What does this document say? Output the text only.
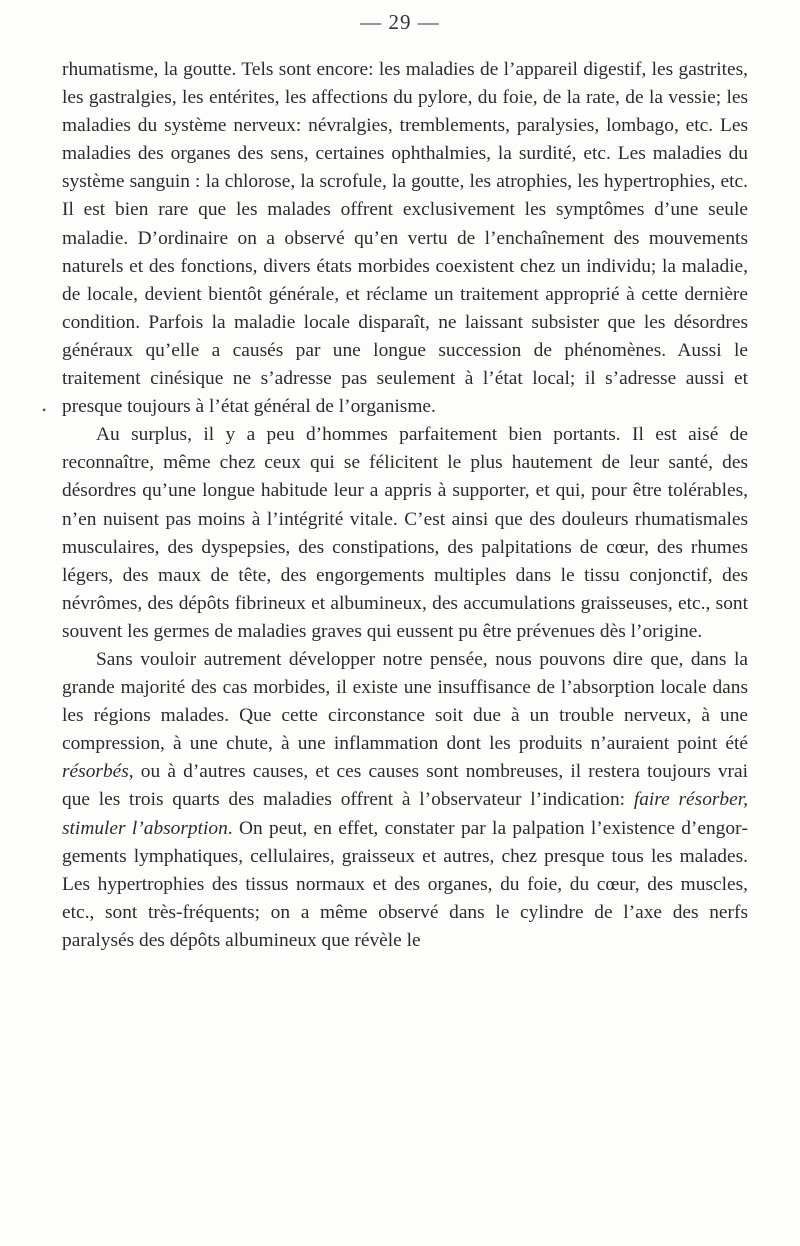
— 29 —
•

rhumatisme, la goutte. Tels sont encore: les maladies de l’appareil digestif, les gastrites, les gastralgies, les entérites, les affections du pylore, du foie, de la rate, de la vessie; les maladies du système nerveux: névralgies, tremblements, paralysies, lombago, etc. Les maladies des organes des sens, certaines ophthalmies, la surdité, etc. Les maladies du système sanguin : la chlorose, la scrofule, la goutte, les atrophies, les hypertrophies, etc. Il est bien rare que les malades offrent exclusivement les symptômes d’une seule maladie. D’ordinaire on a observé qu’en vertu de l’enchaînement des mouvements naturels et des fonctions, divers états morbides coexistent chez un individu; la maladie, de locale, devient bientôt générale, et réclame un traitement approprié à cette dernière condition. Parfois la maladie locale disparaît, ne laissant subsister que les désordres généraux qu’elle a causés par une longue succession de phénomènes. Aussi le traitement cinésique ne s’adresse pas seulement à l’état local; il s’adresse aussi et presque toujours à l’état général de l’organisme.

Au surplus, il y a peu d’hommes parfaitement bien portants. Il est aisé de reconnaître, même chez ceux qui se félicitent le plus hautement de leur santé, des désordres qu’une longue habitude leur a appris à supporter, et qui, pour être tolérables, n’en nuisent pas moins à l’intégrité vitale. C’est ainsi que des douleurs rhumatismales musculaires, des dyspepsies, des constipations, des palpitations de cœur, des rhumes légers, des maux de tête, des engorgements multiples dans le tissu conjonctif, des névrômes, des dépôts fibrineux et albumineux, des accumulations graisseuses, etc., sont souvent les germes de maladies graves qui eussent pu être prévenues dès l’origine.

Sans vouloir autrement développer notre pensée, nous pouvons dire que, dans la grande majorité des cas morbides, il existe une insuffisance de l’absorption locale dans les régions malades. Que cette circonstance soit due à un trouble nerveux, à une compression, à une chute, à une inflammation dont les produits n’auraient point été résorbés, ou à d’autres causes, et ces causes sont nombreuses, il restera toujours vrai que les trois quarts des maladies offrent à l’observateur l’indication: faire résorber, stimuler l’absorption. On peut, en effet, constater par la palpation l’existence d’engorgements lymphatiques, cellulaires, graisseux et autres, chez presque tous les malades. Les hypertrophies des tissus normaux et des organes, du foie, du cœur, des muscles, etc., sont très-fréquents; on a même observé dans le cylindre de l’axe des nerfs paralysés des dépôts albumineux que révèle le
